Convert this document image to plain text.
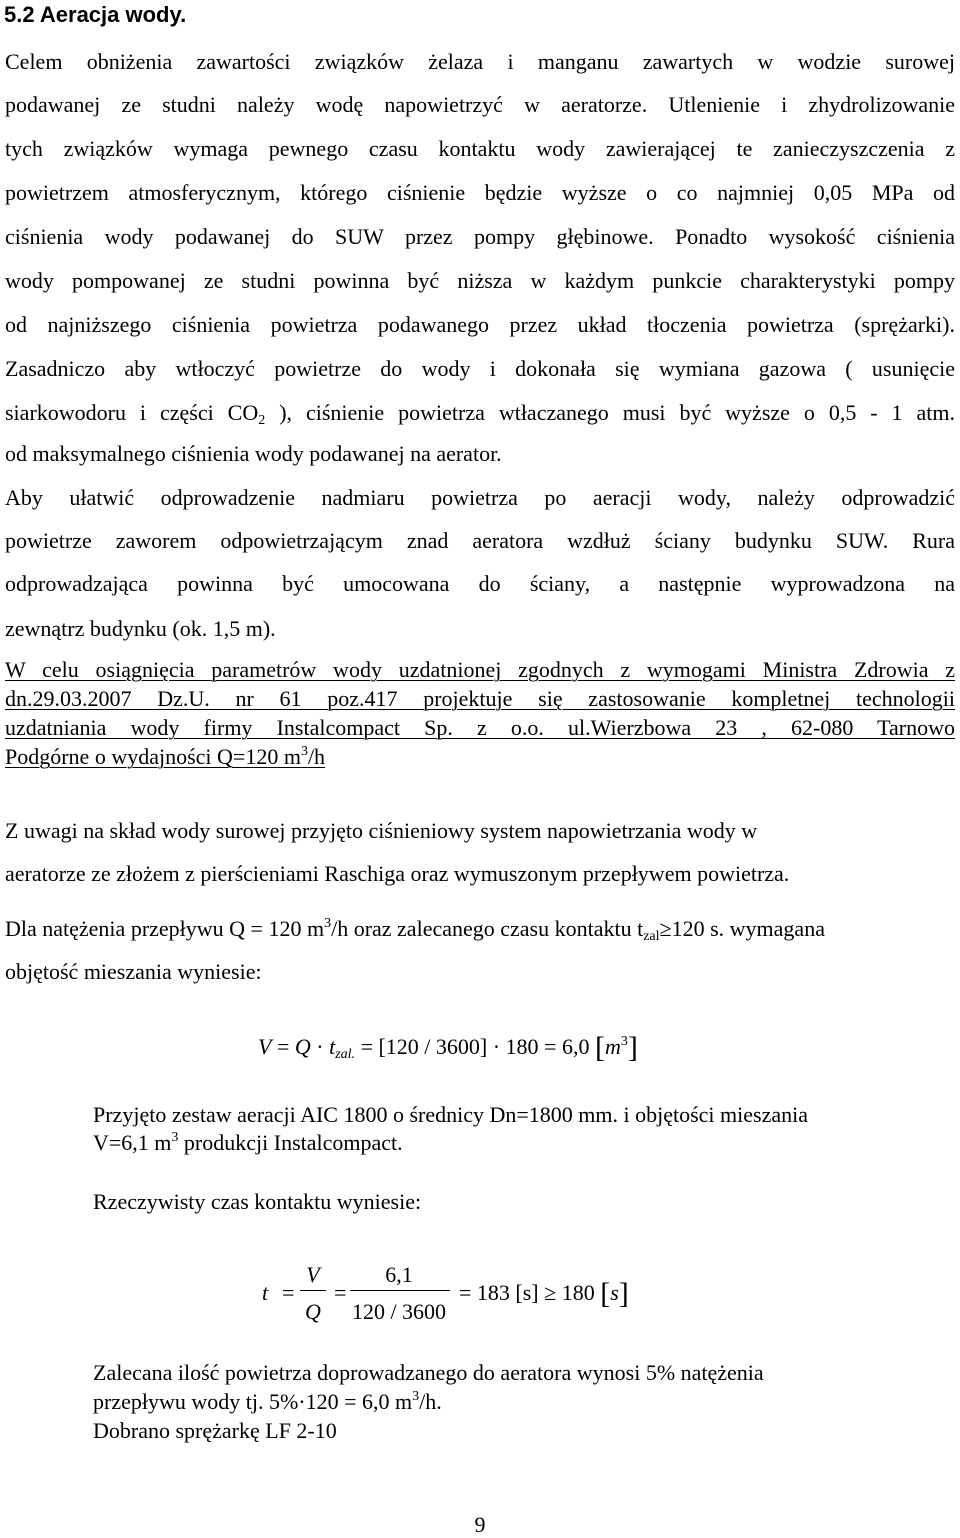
5.2 Aeracja wody.

Celem obniżenia zawartości związków żelaza i manganu zawartych w wodzie surowej

podawanej ze studni należy wodę napowietrzyć w aeratorze. Utlenienie i zhydrolizowanie

tych związków wymaga pewnego czasu kontaktu wody zawierającej te zanieczyszczenia z

powietrzem atmosferycznym, którego ciśnienie będzie wyższe o co najmniej 0,05 MPa od

ciśnienia wody podawanej do SUW przez pompy głębinowe. Ponadto wysokość ciśnienia

wody pompowanej ze studni powinna być niższa w każdym punkcie charakterystyki pompy

od najniższego ciśnienia powietrza podawanego przez układ tłoczenia powietrza (sprężarki).

Zasadniczo aby wtłoczyć powietrze do wody i dokonała się wymiana gazowa ( usunięcie

siarkowodoru i części $CO_2$ ), ciśnienie powietrza wtłaczanego musi być wyższe o 0,5 - 1 atm.

od maksymalnego ciśnienia wody podawanej na aerator.

Aby ułatwić odprowadzenie nadmiaru powietrza po aeracji wody, należy odprowadzić

powietrze zaworem odpowietrzającym znad aeratora wzdłuż ściany budynku SUW. Rura

odprowadzająca powinna być umocowana do ściany, a następnie wyprowadzona na

zewnątrz budynku (ok. 1,5 m).

W celu osiągnięcia parametrów wody uzdatnionej zgodnych z wymogami Ministra Zdrowia z

dn.29.03.2007 Dz.U. nr 61 poz.417 projektuje się zastosowanie kompletnej technologii

uzdatniania wody firmy Instalcompact Sp. z o.o. ul.Wierzbowa 23 , 62-080 Tarnowo

Podgórne o wydajności Q=120 $m^3/h$

Z uwagi na skład wody surowej przyjęto ciśnieniowy system napowietrzania wody w

aeratorze ze złożem z pierścieniami Raschiga oraz wymuszonym przepływem powietrza.

Dla natężenia przepływu Q = 120 $m^3/h$ oraz zalecanego czasu kontaktu $t_{zal}\ge 120$ s. wymagana

objętość mieszania wyniesie:

$V = Q \cdot t_{zal.} = [120 / 3600] \cdot 180 = 6,0$ $[m^3]$

Przyjęto zestaw aeracji AIC 1800 o średnicy Dn=1800 mm. i objętości mieszania

V=6,1 $m^3$ produkcji Instalcompact.

Rzeczywisty czas kontaktu wyniesie:

t =
V
Q
=
6,1
120 / 3600
= 183 [s] ≥ 180 [s]

Zalecana ilość powietrza doprowadzanego do aeratora wynosi 5% natężenia

przepływu wody tj. 5%·120 = 6,0 $m^3/h$.

Dobrano sprężarkę LF 2-10

9
